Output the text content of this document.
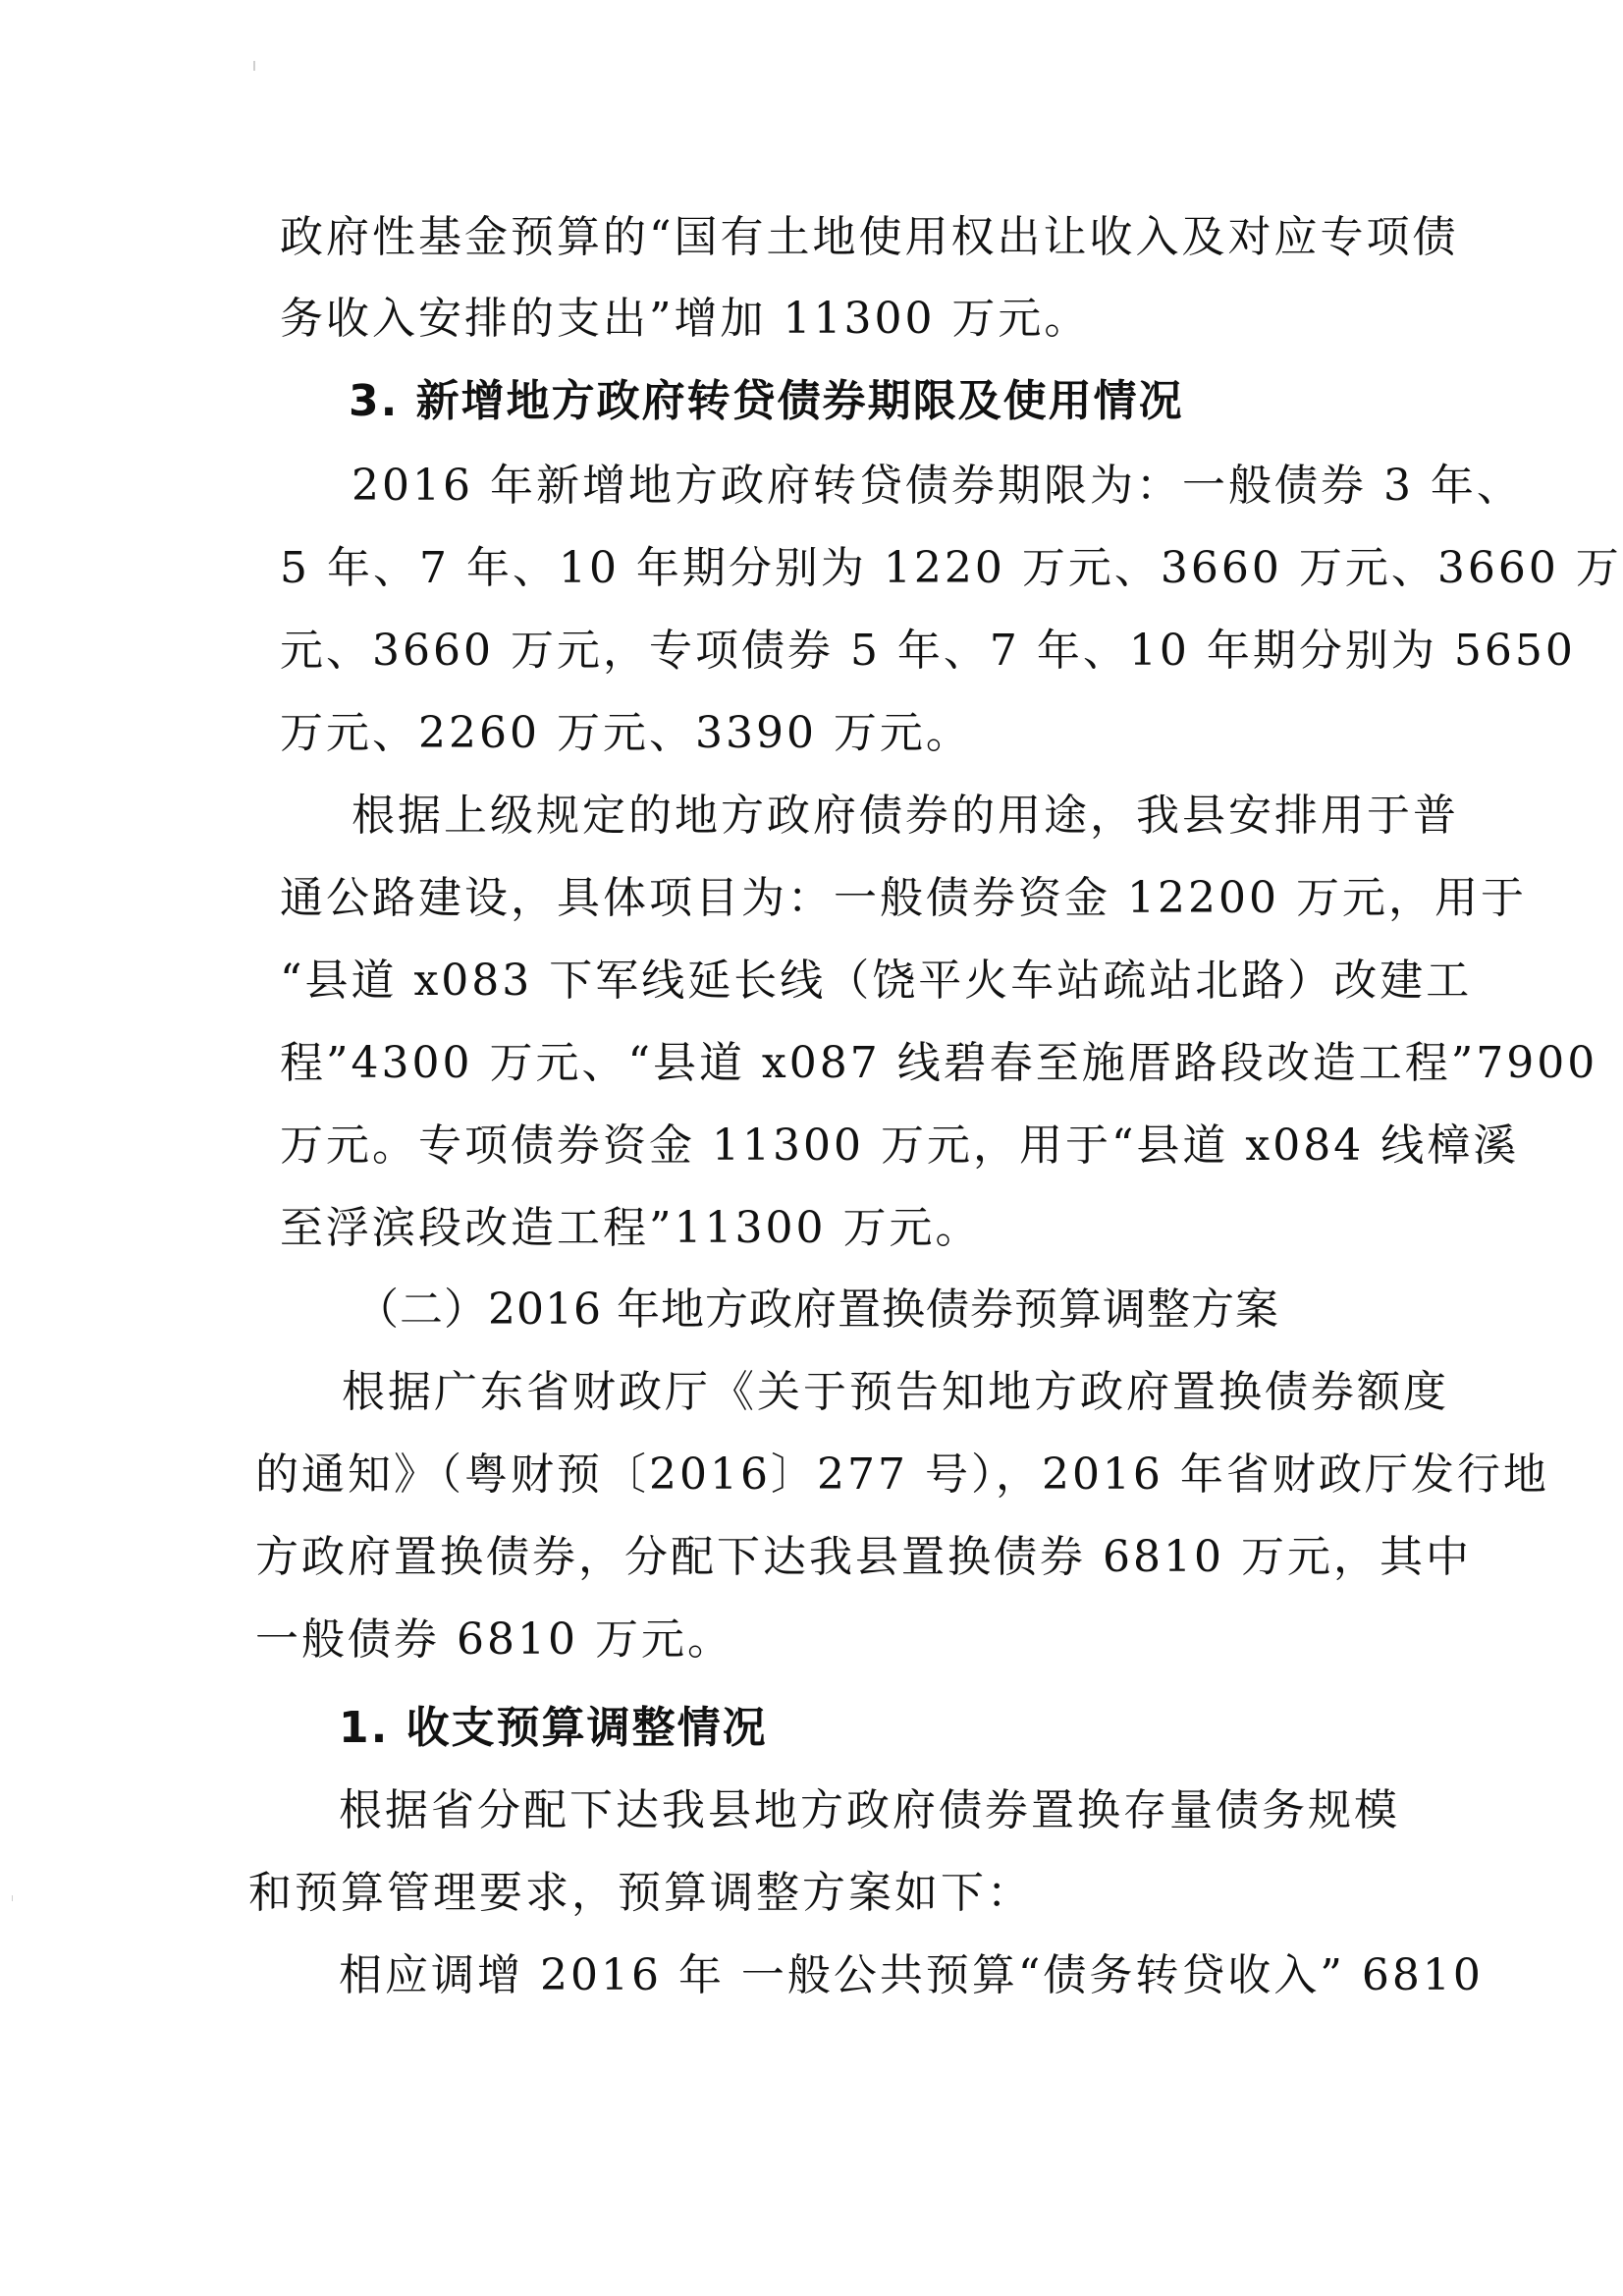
政府性基金预算的“国有土地使用权出让收入及对应专项债
务收入安排的支出”增加 11300 万元。
3. 新增地方政府转贷债券期限及使用情况
2016 年新增地方政府转贷债券期限为：一般债券 3 年、
5 年、7 年、10 年期分别为 1220 万元、3660 万元、3660 万
元、3660 万元，专项债券 5 年、7 年、10 年期分别为 5650
万元、2260 万元、3390 万元。
根据上级规定的地方政府债券的用途，我县安排用于普
通公路建设，具体项目为：一般债券资金 12200 万元，用于
“县道 x083 下军线延长线（饶平火车站疏站北路）改建工
程”4300 万元、“县道 x087 线碧春至施厝路段改造工程”7900
万元。专项债券资金 11300 万元，用于“县道 x084 线樟溪
至浮滨段改造工程”11300 万元。
（二）2016 年地方政府置换债券预算调整方案
根据广东省财政厅《关于预告知地方政府置换债券额度
的通知》（粤财预〔2016〕277 号），2016 年省财政厅发行地
方政府置换债券，分配下达我县置换债券 6810 万元，其中
一般债券 6810 万元。
1. 收支预算调整情况
根据省分配下达我县地方政府债券置换存量债务规模
和预算管理要求，预算调整方案如下：
相应调增 2016 年 一般公共预算“债务转贷收入” 6810
